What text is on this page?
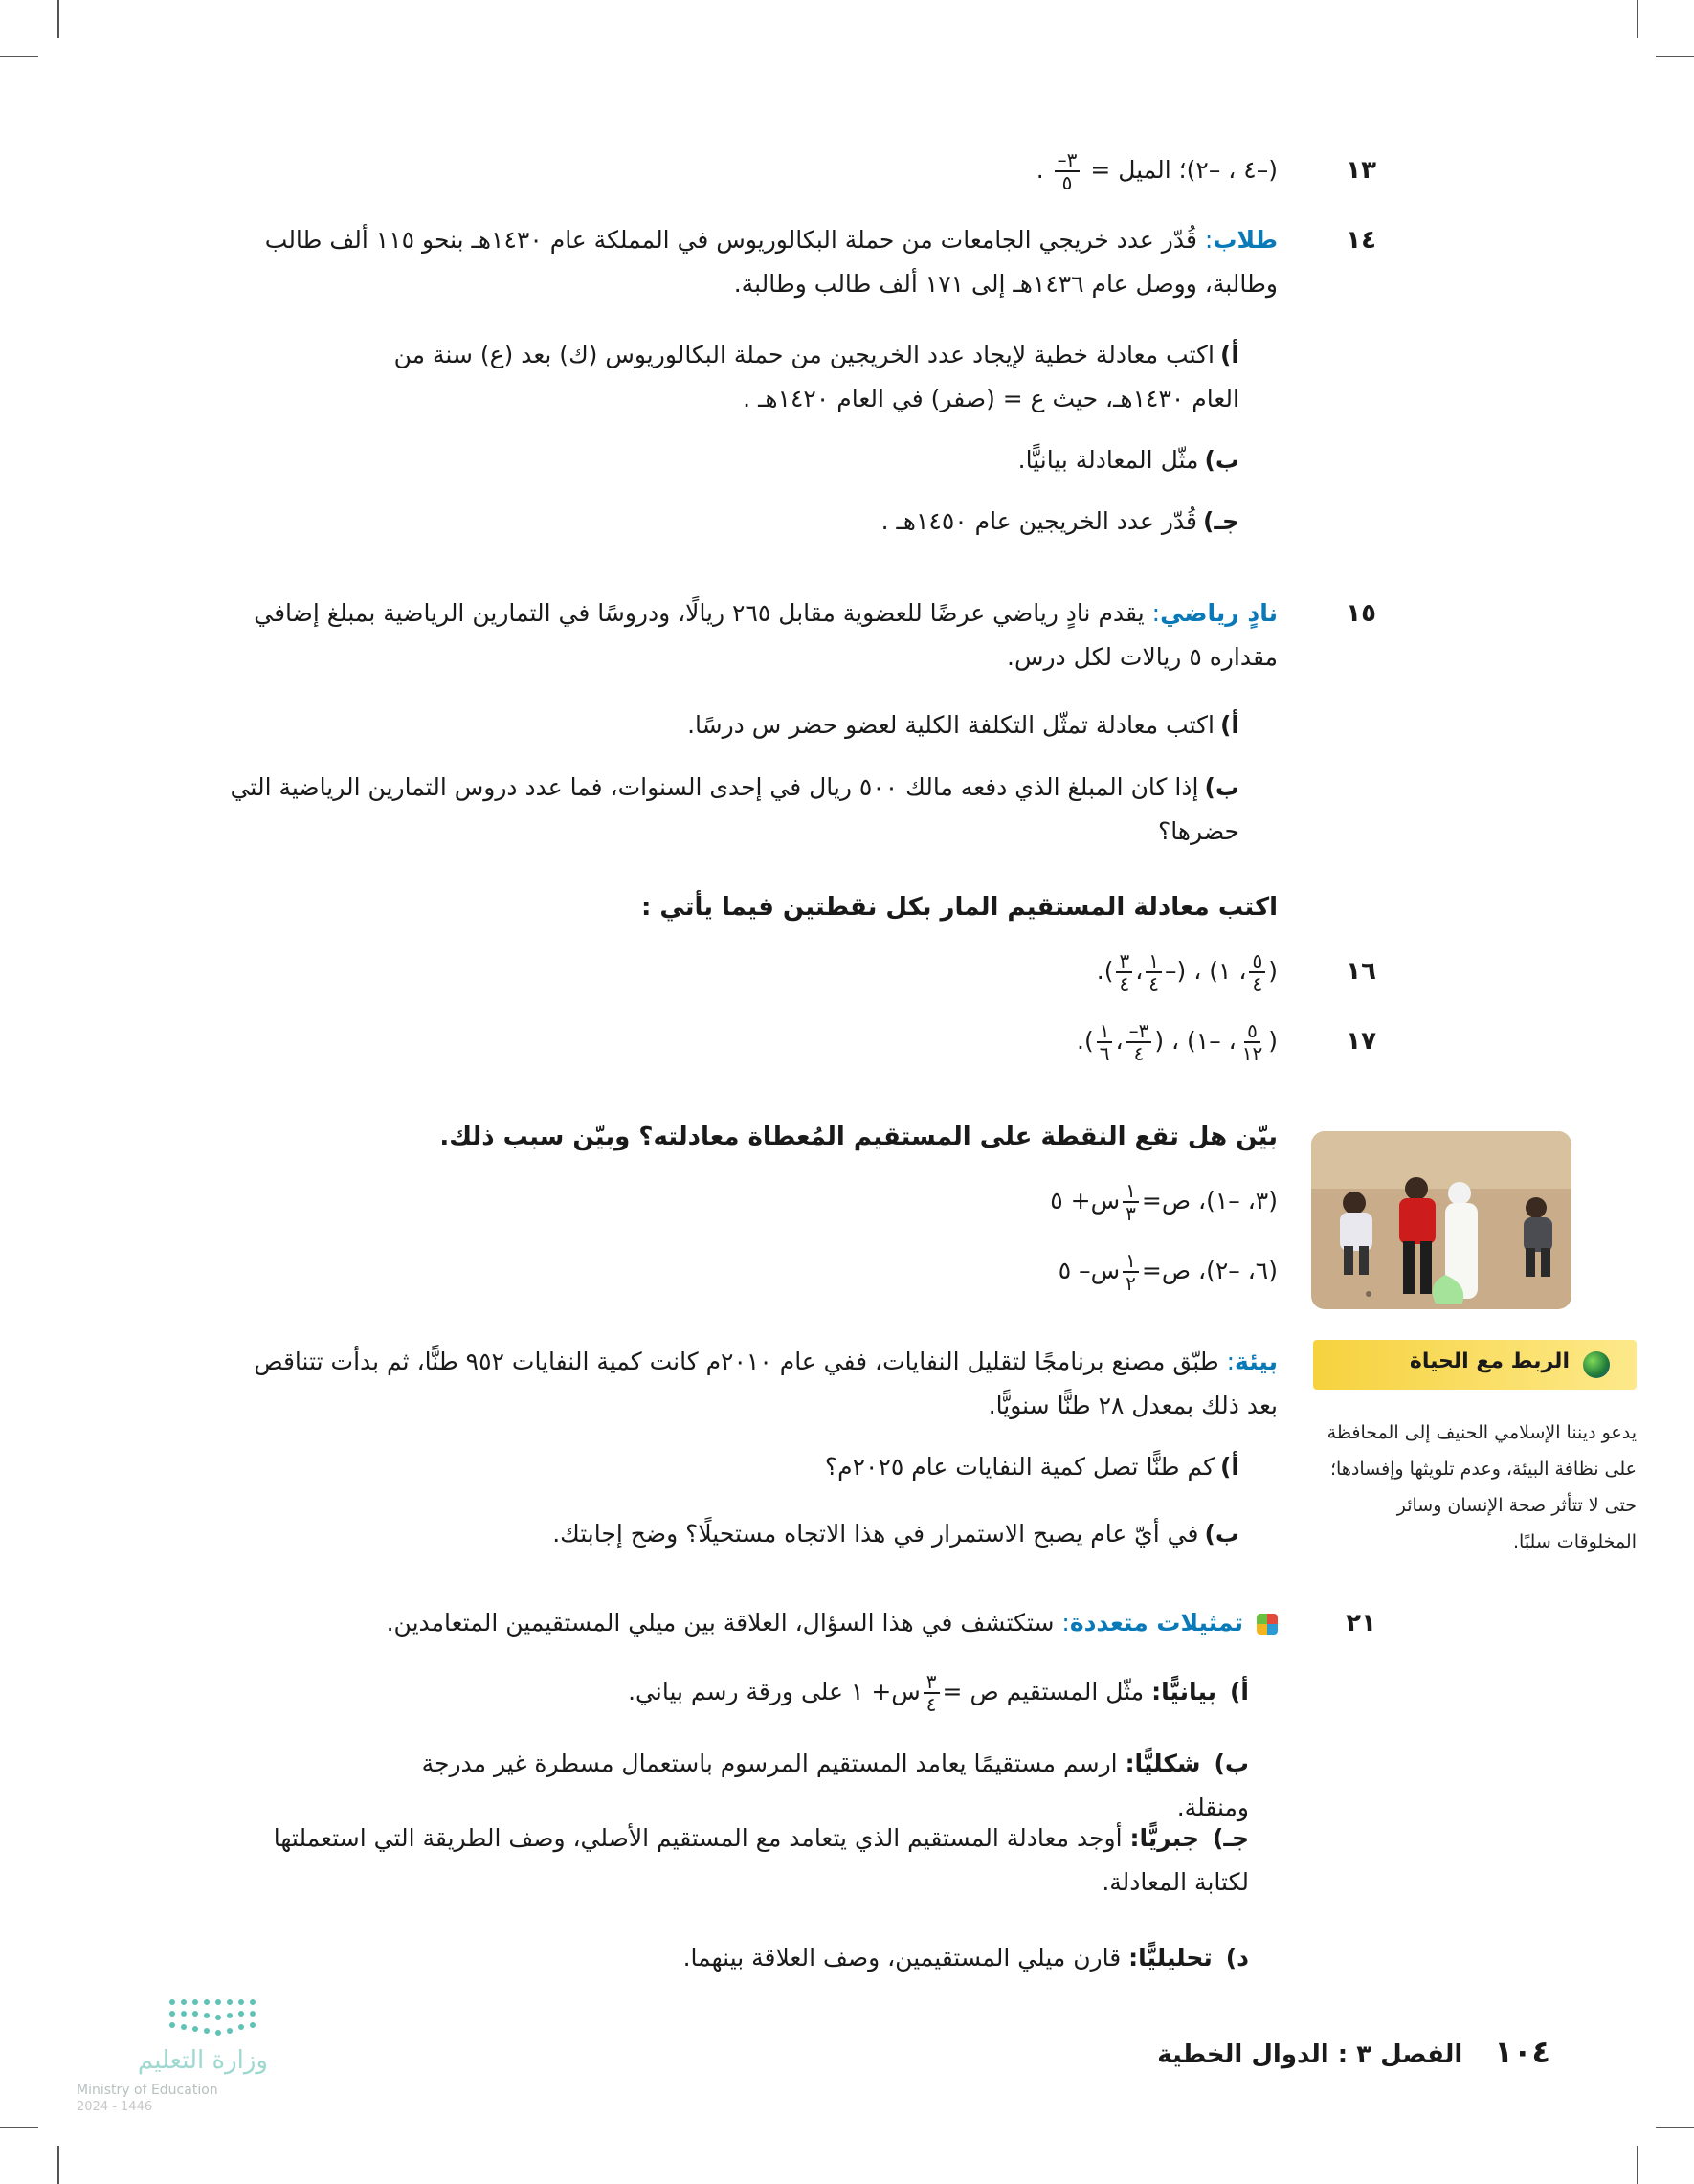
١٣
(–٤ ، –٢)؛ الميل =
$\frac{٣-}{٥}$
.
١٤
طلاب: قُدّر عدد خريجي الجامعات من حملة البكالوريوس في المملكة عام ١٤٣٠هـ بنحو ١١٥ ألف طالب وطالبة، ووصل عام ١٤٣٦هـ إلى ١٧١ ألف طالب وطالبة.
أ)اكتب معادلة خطية لإيجاد عدد الخريجين من حملة البكالوريوس (ك) بعد (ع) سنة من العام ١٤٣٠هـ، حيث ع = (صفر) في العام ١٤٢٠هـ .
ب)مثّل المعادلة بيانيًّا.
جـ)قُدّر عدد الخريجين عام ١٤٥٠هـ .
١٥
نادٍ رياضي: يقدم نادٍ رياضي عرضًا للعضوية مقابل ٢٦٥ ريالًا، ودروسًا في التمارين الرياضية بمبلغ إضافي مقداره ٥ ريالات لكل درس.
أ)اكتب معادلة تمثّل التكلفة الكلية لعضو حضر س درسًا.
ب)إذا كان المبلغ الذي دفعه مالك ٥٠٠ ريال في إحدى السنوات، فما عدد دروس التمارين الرياضية التي حضرها؟
اكتب معادلة المستقيم المار بكل نقطتين فيما يأتي :
١٦
(
$\frac{٥}{٤}$
، ١) ، (–
$\frac{١}{٤}$
،
$\frac{٣}{٤}$
).
١٧
(
$\frac{٥}{١٢}$
، –١) ، (
$\frac{٣-}{٤}$
،
$\frac{١}{٦}$
).
بيّن هل تقع النقطة على المستقيم المُعطاة معادلته؟ وبيّن سبب ذلك.
(٣، –١)، ص=
$\frac{١}{٣}$
س+ ٥
(٦، –٢)، ص=
$\frac{١}{٢}$
س– ٥
بيئة: طبّق مصنع برنامجًا لتقليل النفايات، ففي عام ٢٠١٠م كانت كمية النفايات ٩٥٢ طنًّا، ثم بدأت تتناقص بعد ذلك بمعدل ٢٨ طنًّا سنويًّا.
أ)كم طنًّا تصل كمية النفايات عام ٢٠٢٥م؟
ب)في أيّ عام يصبح الاستمرار في هذا الاتجاه مستحيلًا؟ وضح إجابتك.
الربط مع الحياة
يدعو ديننا الإسلامي الحنيف إلى المحافظة على نظافة البيئة، وعدم تلويثها وإفسادها؛ حتى لا تتأثر صحة الإنسان وسائر المخلوقات سلبًا.
٢١
تمثيلات متعددة: ستكتشف في هذا السؤال، العلاقة بين ميلي المستقيمين المتعامدين.
أ) بيانيًّا: مثّل المستقيم ص =
$\frac{٣}{٤}$
س+ ١ على ورقة رسم بياني.
ب) شكليًّا: ارسم مستقيمًا يعامد المستقيم المرسوم باستعمال مسطرة غير مدرجة ومنقلة.
جـ) جبريًّا: أوجد معادلة المستقيم الذي يتعامد مع المستقيم الأصلي، وصف الطريقة التي استعملتها لكتابة المعادلة.
د) تحليليًّا: قارن ميلي المستقيمين، وصف العلاقة بينهما.
١٠٤ الفصل ٣ : الدوال الخطية
وزارة التعليم
Ministry of Education
2024 - 1446
